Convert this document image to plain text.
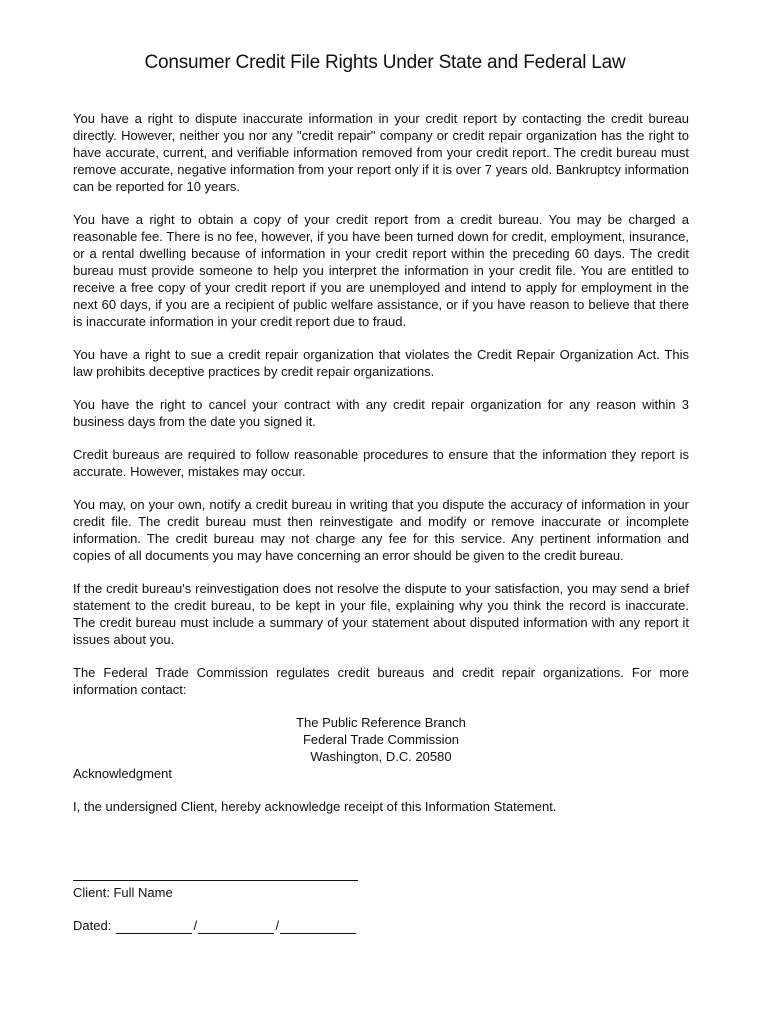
Consumer Credit File Rights Under State and Federal Law

You have a right to dispute inaccurate information in your credit report by contacting the credit bureau directly. However, neither you nor any "credit repair" company or credit repair organization has the right to have accurate, current, and verifiable information removed from your credit report. The credit bureau must remove accurate, negative information from your report only if it is over 7 years old. Bankruptcy information can be reported for 10 years.

You have a right to obtain a copy of your credit report from a credit bureau. You may be charged a reasonable fee. There is no fee, however, if you have been turned down for credit, employment, insurance, or a rental dwelling because of information in your credit report within the preceding 60 days. The credit bureau must provide someone to help you interpret the information in your credit file. You are entitled to receive a free copy of your credit report if you are unemployed and intend to apply for employment in the next 60 days, if you are a recipient of public welfare assistance, or if you have reason to believe that there is inaccurate information in your credit report due to fraud.

You have a right to sue a credit repair organization that violates the Credit Repair Organization Act. This law prohibits deceptive practices by credit repair organizations.

You have the right to cancel your contract with any credit repair organization for any reason within 3 business days from the date you signed it.

Credit bureaus are required to follow reasonable procedures to ensure that the information they report is accurate. However, mistakes may occur.

You may, on your own, notify a credit bureau in writing that you dispute the accuracy of information in your credit file. The credit bureau must then reinvestigate and modify or remove inaccurate or incomplete information. The credit bureau may not charge any fee for this service. Any pertinent information and copies of all documents you may have concerning an error should be given to the credit bureau.

If the credit bureau's reinvestigation does not resolve the dispute to your satisfaction, you may send a brief statement to the credit bureau, to be kept in your file, explaining why you think the record is inaccurate. The credit bureau must include a summary of your statement about disputed information with any report it issues about you.

The Federal Trade Commission regulates credit bureaus and credit repair organizations. For more information contact:

The Public Reference Branch
Federal Trade Commission
Washington, D.C. 20580

Acknowledgment

I, the undersigned Client, hereby acknowledge receipt of this Information Statement.

Client: Full Name
Dated:	/	/
